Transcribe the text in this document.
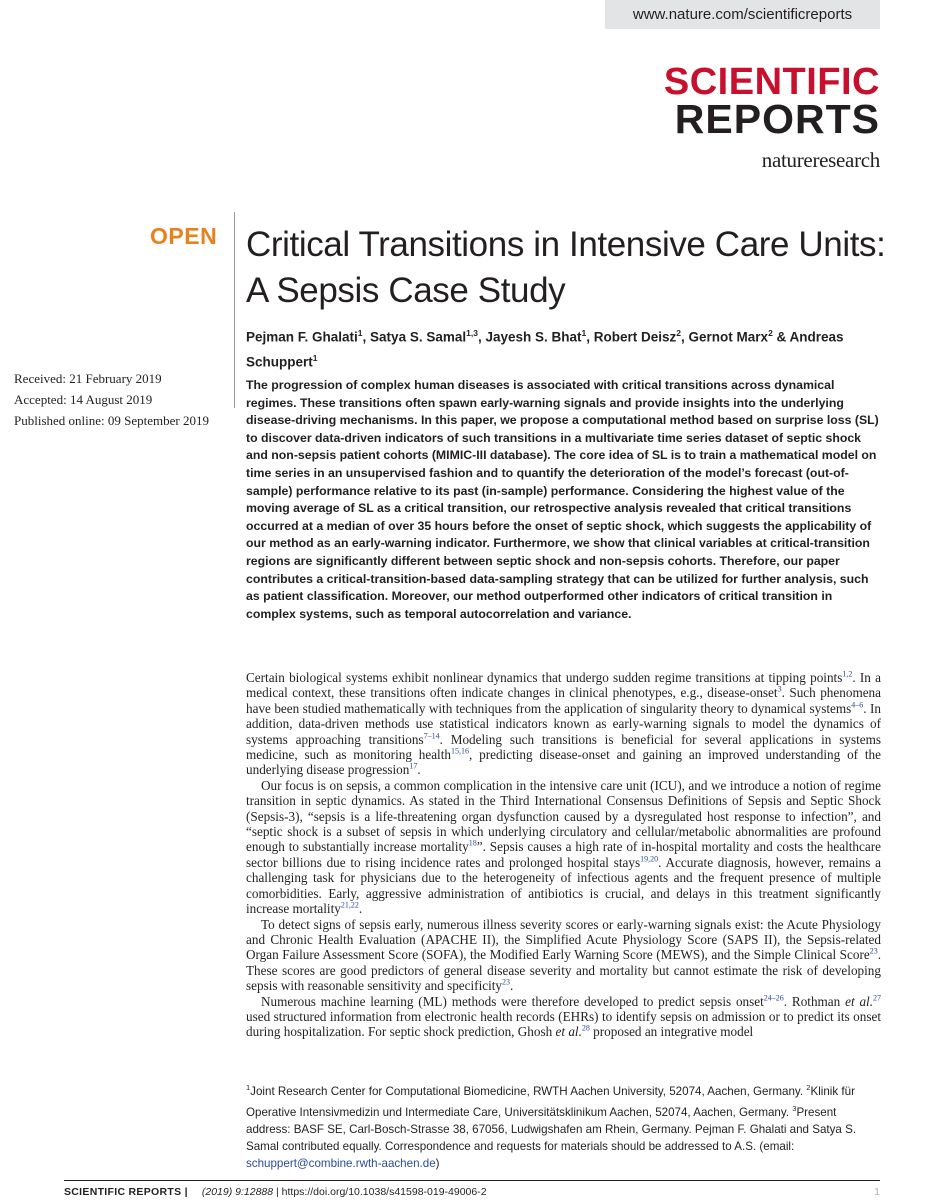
www.nature.com/scientificreports
SCIENTIFIC
REPORTS
natureresearch
OPEN Critical Transitions in Intensive Care Units: A Sepsis Case Study
Pejman F. Ghalati$^1$, Satya S. Samal$^{1,3}$, Jayesh S. Bhat$^1$, Robert Deisz$^2$, Gernot Marx$^2$ & Andreas Schuppert$^1$
Received: 21 February 2019
Accepted: 14 August 2019
Published online: 09 September 2019

The progression of complex human diseases is associated with critical transitions across dynamical regimes. These transitions often spawn early-warning signals and provide insights into the underlying disease-driving mechanisms. In this paper, we propose a computational method based on surprise loss (SL) to discover data-driven indicators of such transitions in a multivariate time series dataset of septic shock and non-sepsis patient cohorts (MIMIC-III database). The core idea of SL is to train a mathematical model on time series in an unsupervised fashion and to quantify the deterioration of the model’s forecast (out-of-sample) performance relative to its past (in-sample) performance. Considering the highest value of the moving average of SL as a critical transition, our retrospective analysis revealed that critical transitions occurred at a median of over 35 hours before the onset of septic shock, which suggests the applicability of our method as an early-warning indicator. Furthermore, we show that clinical variables at critical-transition regions are significantly different between septic shock and non-sepsis cohorts. Therefore, our paper contributes a critical-transition-based data-sampling strategy that can be utilized for further analysis, such as patient classification. Moreover, our method outperformed other indicators of critical transition in complex systems, such as temporal autocorrelation and variance.

Certain biological systems exhibit nonlinear dynamics that undergo sudden regime transitions at tipping points$^{1,2}$. In a medical context, these transitions often indicate changes in clinical phenotypes, e.g., disease-onset$^3$. Such phenomena have been studied mathematically with techniques from the application of singularity theory to dynamical systems$^{4-6}$. In addition, data-driven methods use statistical indicators known as early-warning signals to model the dynamics of systems approaching transitions$^{7-14}$. Modeling such transitions is beneficial for several applications in systems medicine, such as monitoring health$^{15,16}$, predicting disease-onset and gaining an improved understanding of the underlying disease progression$^{17}$.

Our focus is on sepsis, a common complication in the intensive care unit (ICU), and we introduce a notion of regime transition in septic dynamics. As stated in the Third International Consensus Definitions of Sepsis and Septic Shock (Sepsis-3), “sepsis is a life-threatening organ dysfunction caused by a dysregulated host response to infection”, and “septic shock is a subset of sepsis in which underlying circulatory and cellular/metabolic abnormalities are profound enough to substantially increase mortality$^{18}$”. Sepsis causes a high rate of in-hospital mortality and costs the healthcare sector billions due to rising incidence rates and prolonged hospital stays$^{19,20}$. Accurate diagnosis, however, remains a challenging task for physicians due to the heterogeneity of infectious agents and the frequent presence of multiple comorbidities. Early, aggressive administration of antibiotics is crucial, and delays in this treatment significantly increase mortality$^{21,22}$.

To detect signs of sepsis early, numerous illness severity scores or early-warning signals exist: the Acute Physiology and Chronic Health Evaluation (APACHE II), the Simplified Acute Physiology Score (SAPS II), the Sepsis-related Organ Failure Assessment Score (SOFA), the Modified Early Warning Score (MEWS), and the Simple Clinical Score$^{23}$. These scores are good predictors of general disease severity and mortality but cannot estimate the risk of developing sepsis with reasonable sensitivity and specificity$^{23}$.

Numerous machine learning (ML) methods were therefore developed to predict sepsis onset$^{24-26}$. Rothman et al.$^{27}$ used structured information from electronic health records (EHRs) to identify sepsis on admission or to predict its onset during hospitalization. For septic shock prediction, Ghosh et al.$^{28}$ proposed an integrative model

$^1$Joint Research Center for Computational Biomedicine, RWTH Aachen University, 52074, Aachen, Germany. $^2$Klinik für Operative Intensivmedizin und Intermediate Care, Universitätsklinikum Aachen, 52074, Aachen, Germany. $^3$Present address: BASF SE, Carl-Bosch-Strasse 38, 67056, Ludwigshafen am Rhein, Germany. Pejman F. Ghalati and Satya S. Samal contributed equally. Correspondence and requests for materials should be addressed to A.S. (email: schuppert@combine.rwth-aachen.de)
SCIENTIFIC REPORTS | (2019) 9:12888 | https://doi.org/10.1038/s41598-019-49006-2	1
